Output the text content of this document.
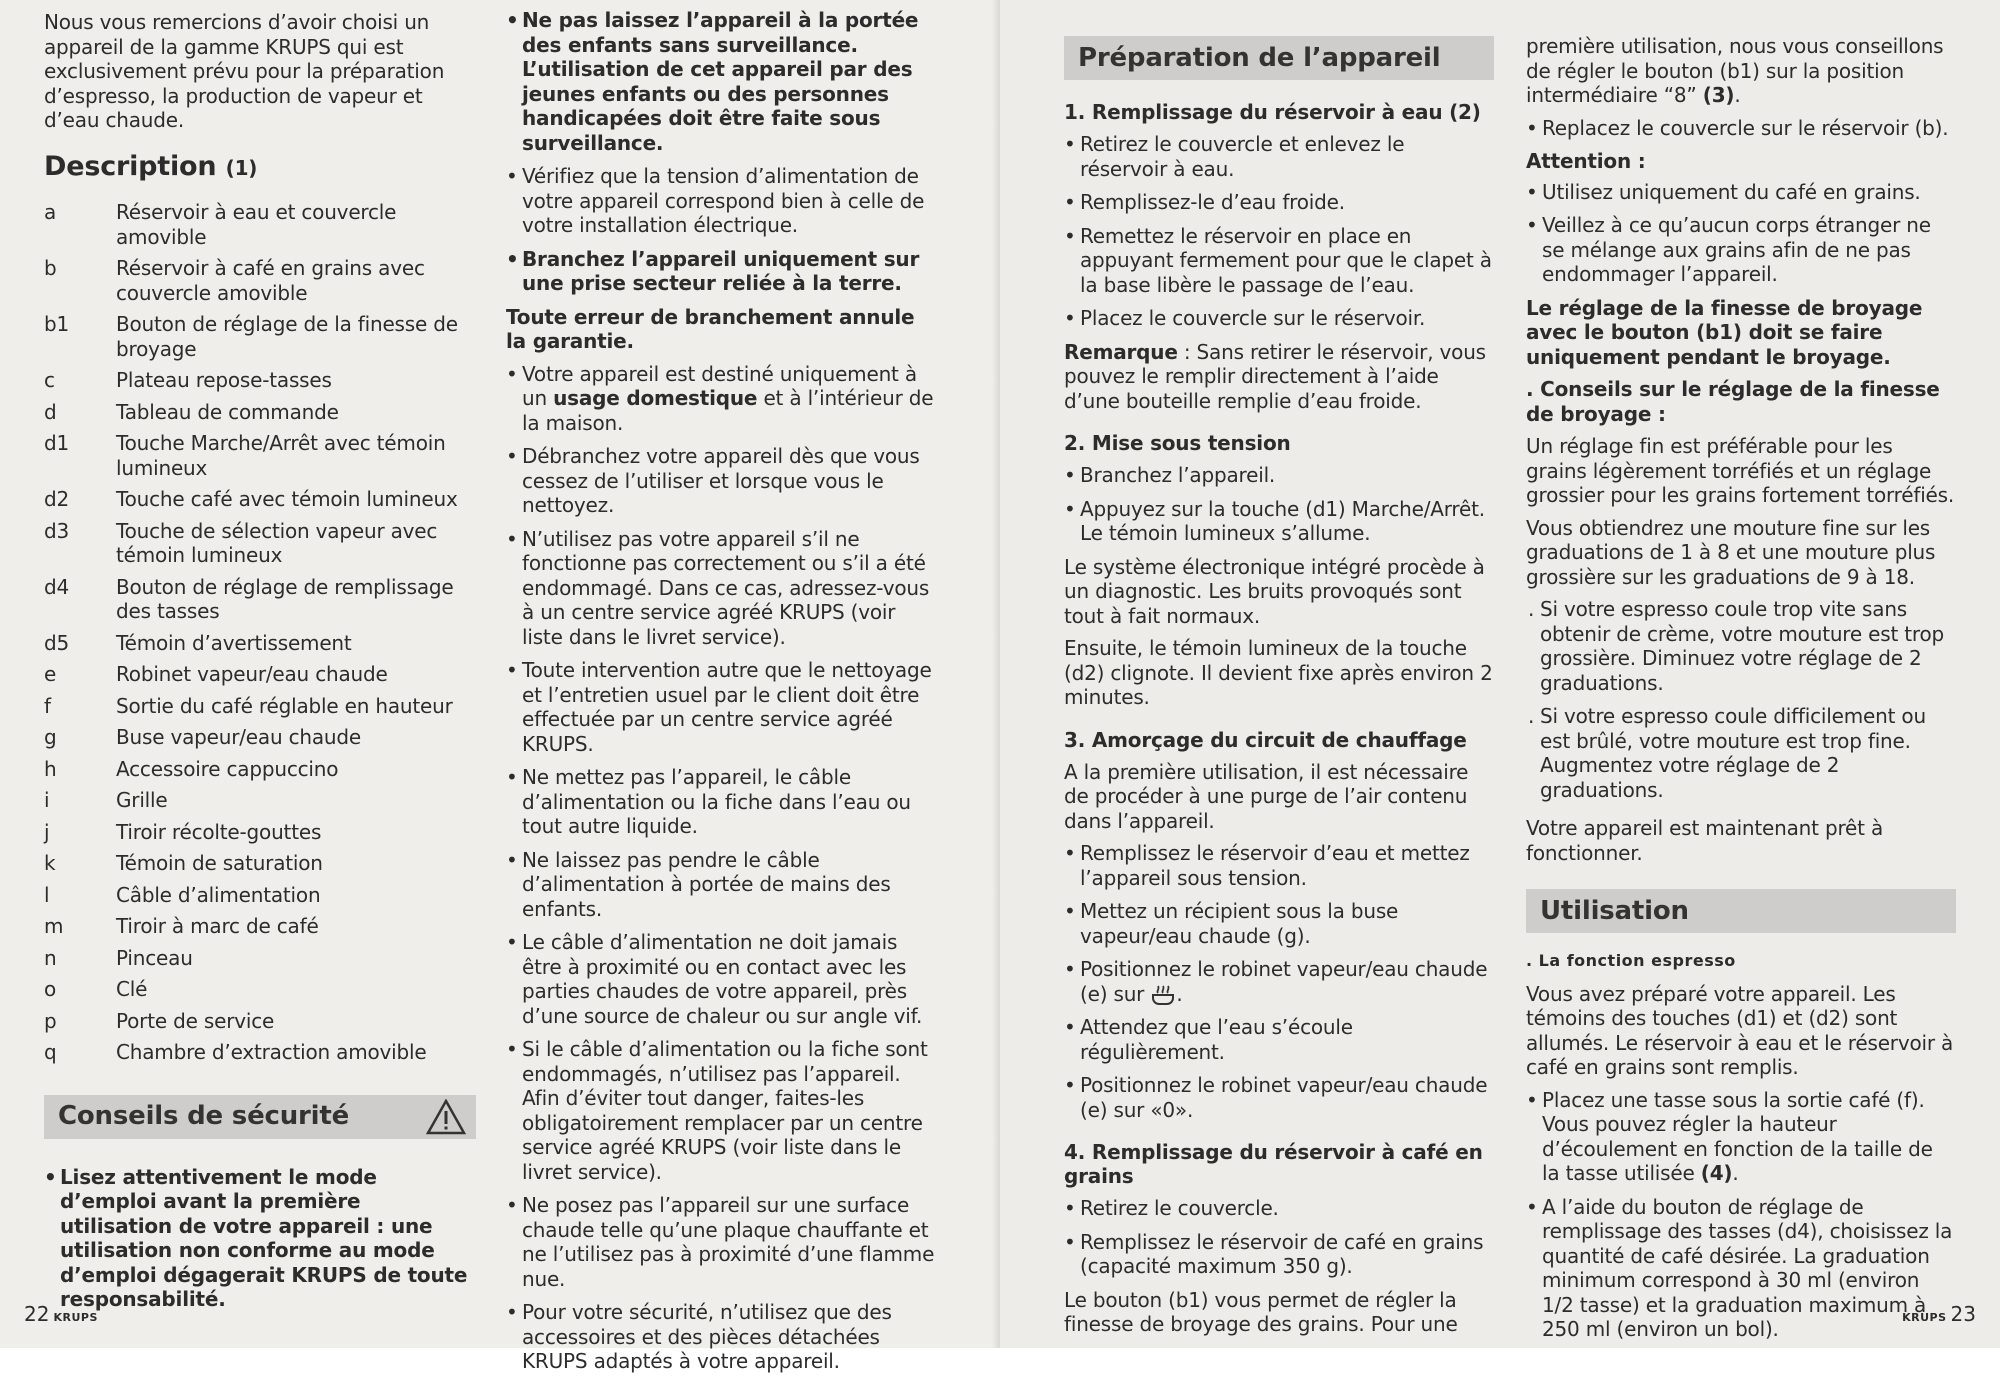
Nous vous remercions d’avoir choisi un appareil de la gamme KRUPS qui est exclusivement prévu pour la préparation d’espresso, la production de vapeur et d’eau chaude.

Description (1)
a	Réservoir à eau et couvercle amovible
b	Réservoir à café en grains avec couvercle amovible
b1	Bouton de réglage de la finesse de broyage
c	Plateau repose-tasses
d	Tableau de commande
d1	Touche Marche/Arrêt avec témoin lumineux
d2	Touche café avec témoin lumineux
d3	Touche de sélection vapeur avec témoin lumineux
d4	Bouton de réglage de remplissage des tasses
d5	Témoin d’avertissement
e	Robinet vapeur/eau chaude
f	Sortie du café réglable en hauteur
g	Buse vapeur/eau chaude
h	Accessoire cappuccino
i	Grille
j	Tiroir récolte-gouttes
k	Témoin de saturation
l	Câble d’alimentation
m	Tiroir à marc de café
n	Pinceau
o	Clé
p	Porte de service
q	Chambre d’extraction amovible
Conseils de sécurité
• Lisez attentivement le mode d’emploi avant la première utilisation de votre appareil : une utilisation non conforme au mode d’emploi dégagerait KRUPS de toute responsabilité.
• Ne pas laissez l’appareil à la portée des enfants sans surveillance. L’utilisation de cet appareil par des jeunes enfants ou des personnes handicapées doit être faite sous surveillance.
• Vérifiez que la tension d’alimentation de votre appareil correspond bien à celle de votre installation électrique.
• Branchez l’appareil uniquement sur une prise secteur reliée à la terre.

Toute erreur de branchement annule la garantie.

• Votre appareil est destiné uniquement à un usage domestique et à l’intérieur de la maison.
• Débranchez votre appareil dès que vous cessez de l’utiliser et lorsque vous le nettoyez.
• N’utilisez pas votre appareil s’il ne fonctionne pas correctement ou s’il a été endommagé. Dans ce cas, adressez-vous à un centre service agréé KRUPS (voir liste dans le livret service).
• Toute intervention autre que le nettoyage et l’entretien usuel par le client doit être effectuée par un centre service agréé KRUPS.
• Ne mettez pas l’appareil, le câble d’alimentation ou la fiche dans l’eau ou tout autre liquide.
• Ne laissez pas pendre le câble d’alimentation à portée de mains des enfants.
• Le câble d’alimentation ne doit jamais être à proximité ou en contact avec les parties chaudes de votre appareil, près d’une source de chaleur ou sur angle vif.
• Si le câble d’alimentation ou la fiche sont endommagés, n’utilisez pas l’appareil. Afin d’éviter tout danger, faites-les obligatoirement remplacer par un centre service agréé KRUPS (voir liste dans le livret service).
• Ne posez pas l’appareil sur une surface chaude telle qu’une plaque chauffante et ne l’utilisez pas à proximité d’une flamme nue.
• Pour votre sécurité, n’utilisez que des accessoires et des pièces détachées KRUPS adaptés à votre appareil.
22 KRUPS
Préparation de l’appareil
1. Remplissage du réservoir à eau (2)
• Retirez le couvercle et enlevez le réservoir à eau.
• Remplissez-le d’eau froide.
• Remettez le réservoir en place en appuyant fermement pour que le clapet à la base libère le passage de l’eau.
• Placez le couvercle sur le réservoir.

Remarque : Sans retirer le réservoir, vous pouvez le remplir directement à l’aide d’une bouteille remplie d’eau froide.

2. Mise sous tension
• Branchez l’appareil.
• Appuyez sur la touche (d1) Marche/Arrêt. Le témoin lumineux s’allume.

Le système électronique intégré procède à un diagnostic. Les bruits provoqués sont tout à fait normaux.

Ensuite, le témoin lumineux de la touche (d2) clignote. Il devient fixe après environ 2 minutes.

3. Amorçage du circuit de chauffage

A la première utilisation, il est nécessaire de procéder à une purge de l’air contenu dans l’appareil.

• Remplissez le réservoir d’eau et mettez l’appareil sous tension.
• Mettez un récipient sous la buse vapeur/eau chaude (g).
• Positionnez le robinet vapeur/eau chaude (e) sur .
• Attendez que l’eau s’écoule régulièrement.
• Positionnez le robinet vapeur/eau chaude (e) sur «0».
4. Remplissage du réservoir à café en grains
• Retirez le couvercle.
• Remplissez le réservoir de café en grains (capacité maximum 350 g).

Le bouton (b1) vous permet de régler la finesse de broyage des grains. Pour une

première utilisation, nous vous conseillons de régler le bouton (b1) sur la position intermédiaire “8” (3).

• Replacez le couvercle sur le réservoir (b).

Attention :

• Utilisez uniquement du café en grains.
• Veillez à ce qu’aucun corps étranger ne se mélange aux grains afin de ne pas endommager l’appareil.

Le réglage de la finesse de broyage avec le bouton (b1) doit se faire uniquement pendant le broyage.

. Conseils sur le réglage de la finesse de broyage :

Un réglage fin est préférable pour les grains légèrement torréfiés et un réglage grossier pour les grains fortement torréfiés.

Vous obtiendrez une mouture fine sur les graduations de 1 à 8 et une mouture plus grossière sur les graduations de 9 à 18.

. Si votre espresso coule trop vite sans obtenir de crème, votre mouture est trop grossière. Diminuez votre réglage de 2 graduations.
. Si votre espresso coule difficilement ou est brûlé, votre mouture est trop fine. Augmentez votre réglage de 2 graduations.

Votre appareil est maintenant prêt à fonctionner.

Utilisation

. La fonction espresso

Vous avez préparé votre appareil. Les témoins des touches (d1) et (d2) sont allumés. Le réservoir à eau et le réservoir à café en grains sont remplis.

• Placez une tasse sous la sortie café (f). Vous pouvez régler la hauteur d’écoulement en fonction de la taille de la tasse utilisée (4).
• A l’aide du bouton de réglage de remplissage des tasses (d4), choisissez la quantité de café désirée. La graduation minimum correspond à 30 ml (environ 1/2 tasse) et la graduation maximum à 250 ml (environ un bol).	KRUPS 23
